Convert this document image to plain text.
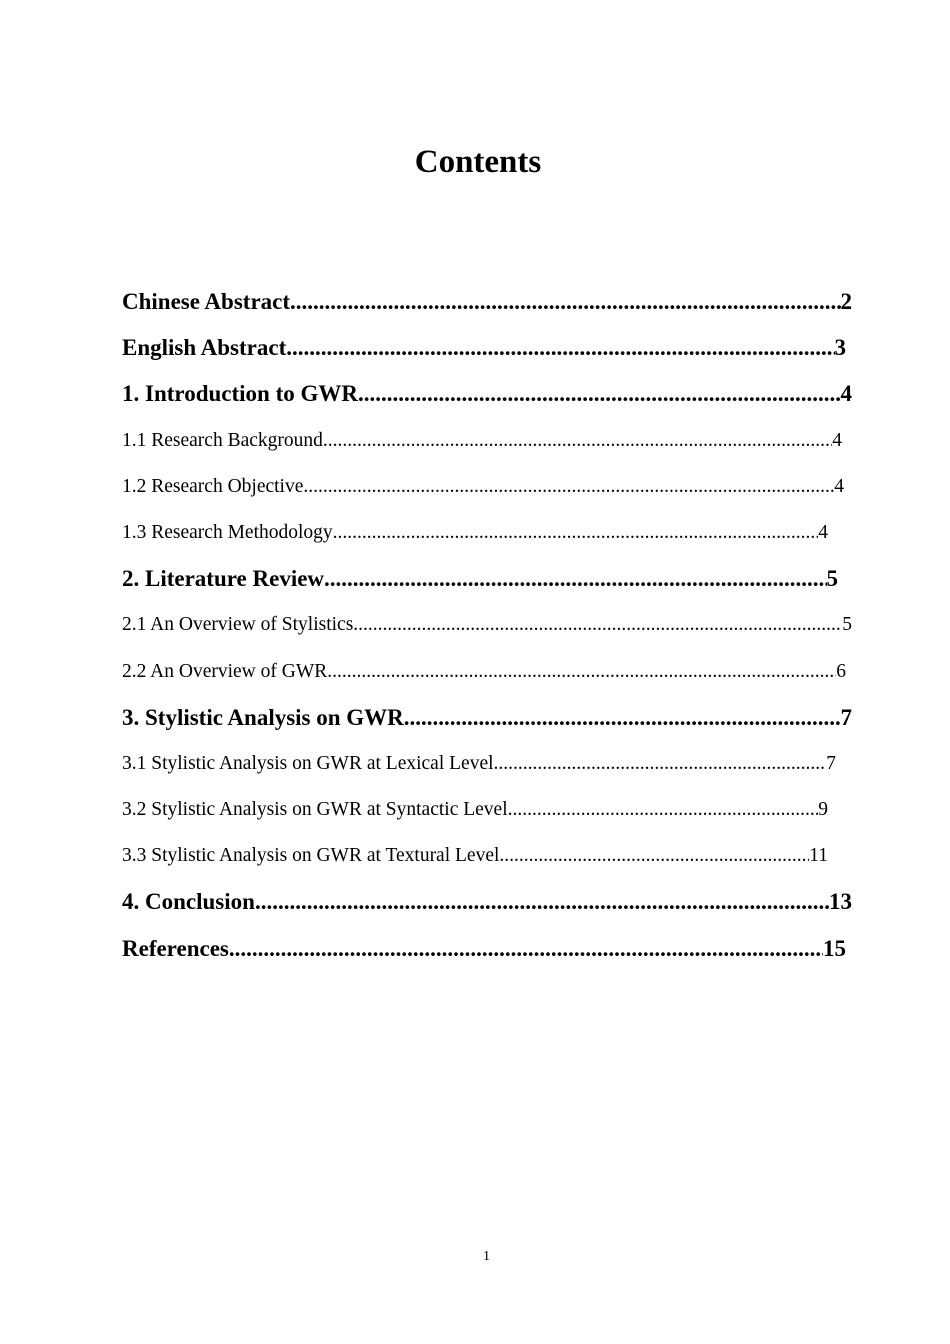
Contents
Chinese Abstract .....	2
English Abstract .....	3
1. Introduction to GWR .....	4
1.1 Research Background .....	4
1.2 Research Objective .....	4
1.3 Research Methodology .....	4
2. Literature Review .....	5
2.1 An Overview of Stylistics .....	5
2.2 An Overview of GWR .....	6
3. Stylistic Analysis on GWR .....	7
3.1 Stylistic Analysis on GWR at Lexical Level .....	7
3.2 Stylistic Analysis on GWR at Syntactic Level .....	9
3.3 Stylistic Analysis on GWR at Textural Level .....	11
4. Conclusion .....	13
References .....	15
1
